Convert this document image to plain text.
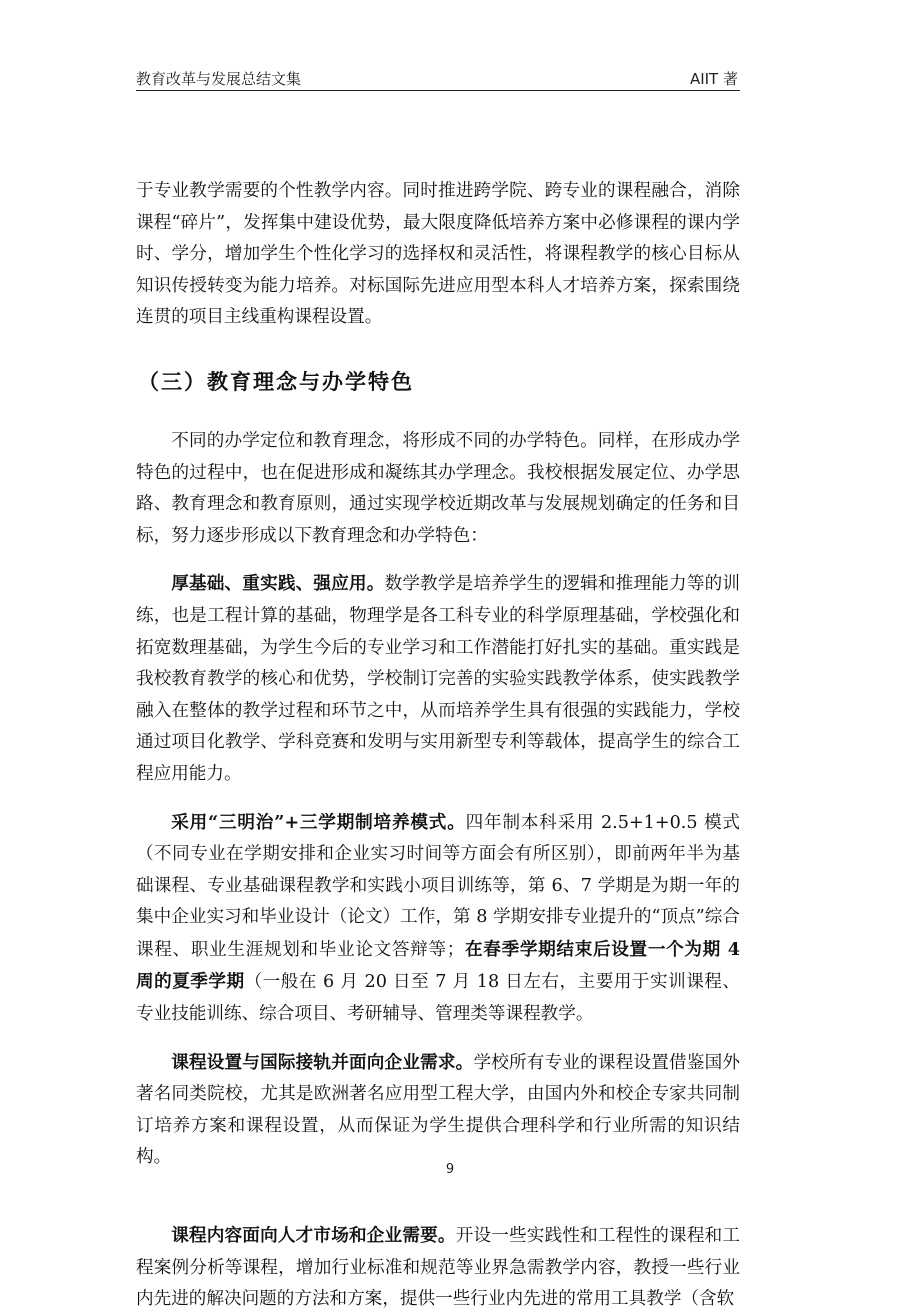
教育改革与发展总结文集	AIIT 著

于专业教学需要的个性教学内容。同时推进跨学院、跨专业的课程融合，消除课程“碎片”，发挥集中建设优势，最大限度降低培养方案中必修课程的课内学时、学分，增加学生个性化学习的选择权和灵活性，将课程教学的核心目标从知识传授转变为能力培养。对标国际先进应用型本科人才培养方案，探索围绕连贯的项目主线重构课程设置。

（三）教育理念与办学特色

不同的办学定位和教育理念，将形成不同的办学特色。同样，在形成办学特色的过程中，也在促进形成和凝练其办学理念。我校根据发展定位、办学思路、教育理念和教育原则，通过实现学校近期改革与发展规划确定的任务和目标，努力逐步形成以下教育理念和办学特色：

厚基础、重实践、强应用。数学教学是培养学生的逻辑和推理能力等的训练，也是工程计算的基础，物理学是各工科专业的科学原理基础，学校强化和拓宽数理基础，为学生今后的专业学习和工作潜能打好扎实的基础。重实践是我校教育教学的核心和优势，学校制订完善的实验实践教学体系，使实践教学融入在整体的教学过程和环节之中，从而培养学生具有很强的实践能力，学校通过项目化教学、学科竞赛和发明与实用新型专利等载体，提高学生的综合工程应用能力。

采用“三明治”+三学期制培养模式。四年制本科采用 2.5+1+0.5 模式（不同专业在学期安排和企业实习时间等方面会有所区别），即前两年半为基础课程、专业基础课程教学和实践小项目训练等，第 6、7 学期是为期一年的集中企业实习和毕业设计（论文）工作，第 8 学期安排专业提升的“顶点”综合课程、职业生涯规划和毕业论文答辩等；在春季学期结束后设置一个为期 4 周的夏季学期（一般在 6 月 20 日至 7 月 18 日左右，主要用于实训课程、专业技能训练、综合项目、考研辅导、管理类等课程教学。

课程设置与国际接轨并面向企业需求。学校所有专业的课程设置借鉴国外著名同类院校，尤其是欧洲著名应用型工程大学，由国内外和校企专家共同制订培养方案和课程设置，从而保证为学生提供合理科学和行业所需的知识结构。

课程内容面向人才市场和企业需要。开设一些实践性和工程性的课程和工程案例分析等课程，增加行业标准和规范等业界急需教学内容，教授一些行业内先进的解决问题的方法和方案，提供一些行业内先进的常用工具教学（含软

9
